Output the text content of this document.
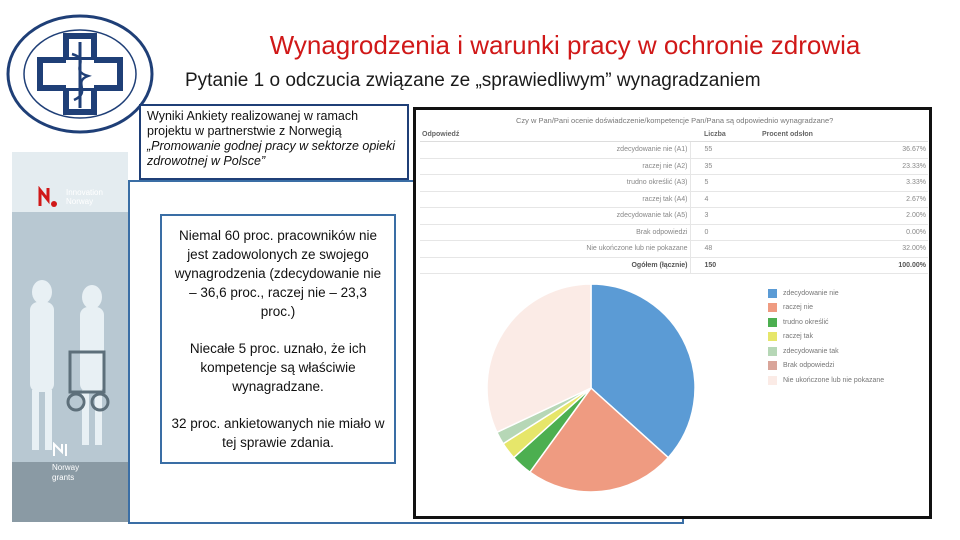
Wynagrodzenia i warunki pracy w ochronie zdrowia
Pytanie 1 o odczucia związane ze „sprawiedliwym” wynagradzaniem
Innovation Norway
Norway grants
Wyniki Ankiety realizowanej w ramach projektu w partnerstwie z Norwegią „Promowanie godnej pracy w sektorze opieki zdrowotnej w Polsce”

Niemal 60 proc. pracowników nie jest zadowolonych ze swojego wynagrodzenia (zdecydowanie nie – 36,6 proc., raczej nie – 23,3 proc.)

Niecałe 5 proc. uznało, że ich kompetencje są właściwie wynagradzane.

32 proc. ankietowanych nie miało w tej sprawie zdania.

Czy w Pan/Pani ocenie doświadczenie/kompetencje Pan/Pana są odpowiednio wynagradzane?
Odpowiedź	Liczba	Procent odsłon
zdecydowanie nie (A1)	55	36.67%
raczej nie (A2)	35	23.33%
trudno określić (A3)	5	3.33%
raczej tak (A4)	4	2.67%
zdecydowanie tak (A5)	3	2.00%
Brak odpowiedzi	0	0.00%
Nie ukończone lub nie pokazane	48	32.00%
Ogółem (łącznie)	150	100.00%
zdecydowanie nie
raczej nie
trudno określić
raczej tak
zdecydowanie tak
Brak odpowiedzi
Nie ukończone lub nie pokazane
